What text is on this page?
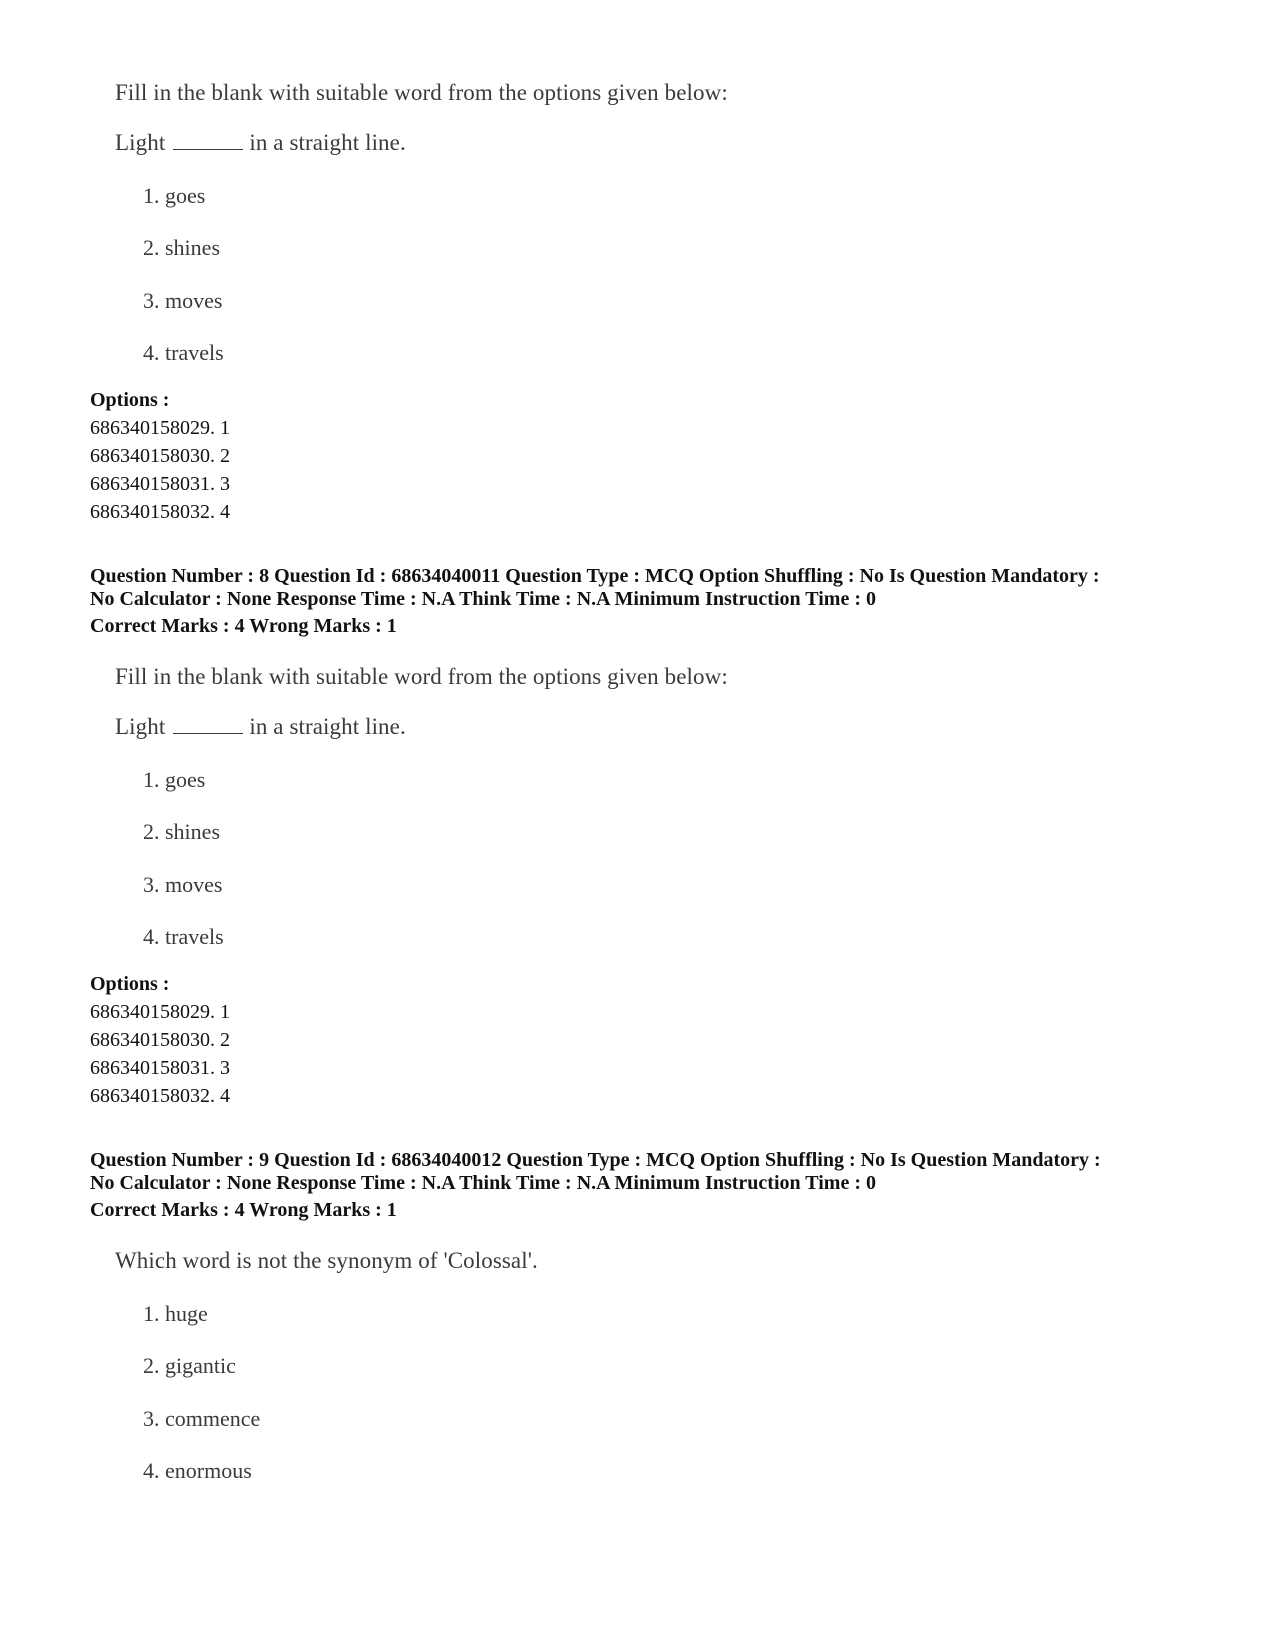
Fill in the blank with suitable word from the options given below:
Light	in a straight line.
1. goes
2. shines
3. moves
4. travels
Options :
686340158029. 1
686340158030. 2
686340158031. 3
686340158032. 4
Question Number : 8 Question Id : 68634040011 Question Type : MCQ Option Shuffling : No Is Question Mandatory :
No Calculator : None Response Time : N.A Think Time : N.A Minimum Instruction Time : 0
Correct Marks : 4 Wrong Marks : 1
Fill in the blank with suitable word from the options given below:
Light	in a straight line.
1. goes
2. shines
3. moves
4. travels
Options :
686340158029. 1
686340158030. 2
686340158031. 3
686340158032. 4
Question Number : 9 Question Id : 68634040012 Question Type : MCQ Option Shuffling : No Is Question Mandatory :
No Calculator : None Response Time : N.A Think Time : N.A Minimum Instruction Time : 0
Correct Marks : 4 Wrong Marks : 1
Which word is not the synonym of 'Colossal'.
1. huge
2. gigantic
3. commence
4. enormous
